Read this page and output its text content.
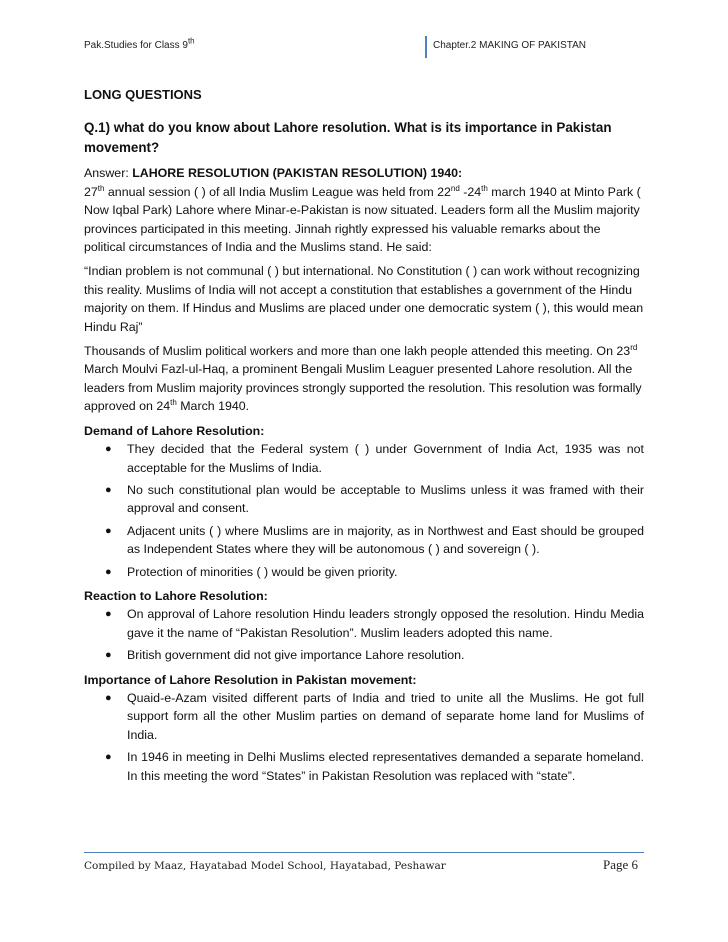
Pak.Studies for Class 9th	Chapter.2 MAKING OF PAKISTAN
LONG QUESTIONS
Q.1) what do you know about Lahore resolution. What is its importance in Pakistan movement?

Answer: LAHORE RESOLUTION (PAKISTAN RESOLUTION) 1940:
27th annual session ( ) of all India Muslim League was held from 22nd -24th march 1940 at Minto Park ( Now Iqbal Park) Lahore where Minar-e-Pakistan is now situated. Leaders form all the Muslim majority provinces participated in this meeting. Jinnah rightly expressed his valuable remarks about the political circumstances of India and the Muslims stand. He said:

“Indian problem is not communal ( ) but international. No Constitution ( ) can work without recognizing this reality. Muslims of India will not accept a constitution that establishes a government of the Hindu majority on them. If Hindus and Muslims are placed under one democratic system ( ), this would mean Hindu Raj”

Thousands of Muslim political workers and more than one lakh people attended this meeting. On 23rd March Moulvi Fazl-ul-Haq, a prominent Bengali Muslim Leaguer presented Lahore resolution. All the leaders from Muslim majority provinces strongly supported the resolution. This resolution was formally approved on 24th March 1940.

Demand of Lahore Resolution:
● They decided that the Federal system ( ) under Government of India Act, 1935 was not acceptable for the Muslims of India.
● No such constitutional plan would be acceptable to Muslims unless it was framed with their approval and consent.
● Adjacent units ( ) where Muslims are in majority, as in Northwest and East should be grouped as Independent States where they will be autonomous ( ) and sovereign ( ).
● Protection of minorities ( ) would be given priority.
Reaction to Lahore Resolution:
● On approval of Lahore resolution Hindu leaders strongly opposed the resolution. Hindu Media gave it the name of “Pakistan Resolution”. Muslim leaders adopted this name.
● British government did not give importance Lahore resolution.
Importance of Lahore Resolution in Pakistan movement:
● Quaid-e-Azam visited different parts of India and tried to unite all the Muslims. He got full support form all the other Muslim parties on demand of separate home land for Muslims of India.
● In 1946 in meeting in Delhi Muslims elected representatives demanded a separate homeland. In this meeting the word “States” in Pakistan Resolution was replaced with “state”.
Compiled by Maaz, Hayatabad Model School, Hayatabad, Peshawar	Page 6
